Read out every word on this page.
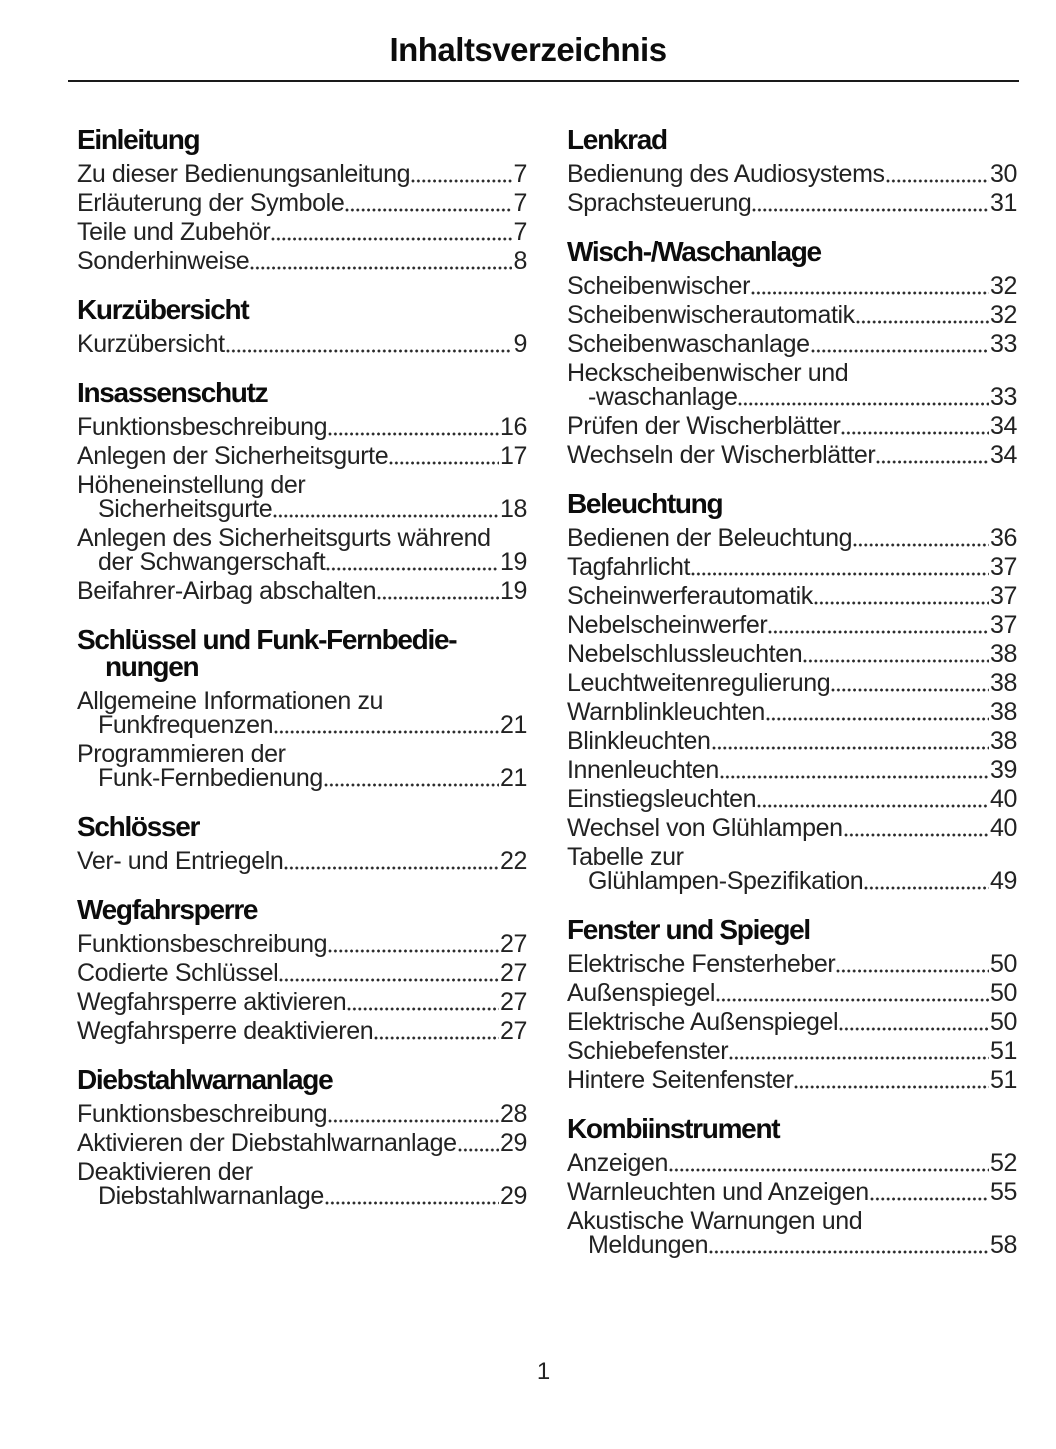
Inhaltsverzeichnis
Einleitung
Zu dieser Bedienungsanleitung	7
Erläuterung der Symbole	7
Teile und Zubehör	7
Sonderhinweise	8
Kurzübersicht
Kurzübersicht	9
Insassenschutz
Funktionsbeschreibung	16
Anlegen der Sicherheitsgurte	17
Höheneinstellung der
Sicherheitsgurte	18
Anlegen des Sicherheitsgurts während
der Schwangerschaft	19
Beifahrer-Airbag abschalten	19
Schlüssel und Funk-Fernbedie-
nungen
Allgemeine Informationen zu
Funkfrequenzen	21
Programmieren der
Funk-Fernbedienung	21
Schlösser
Ver- und Entriegeln	22
Wegfahrsperre
Funktionsbeschreibung	27
Codierte Schlüssel	27
Wegfahrsperre aktivieren	27
Wegfahrsperre deaktivieren	27
Diebstahlwarnanlage
Funktionsbeschreibung	28
Aktivieren der Diebstahlwarnanlage 29
Deaktivieren der
Diebstahlwarnanlage	29
Lenkrad
Bedienung des Audiosystems	30
Sprachsteuerung	31
Wisch-/Waschanlage
Scheibenwischer	32
Scheibenwischerautomatik	32
Scheibenwaschanlage	33
Heckscheibenwischer und
-waschanlage	33
Prüfen der Wischerblätter	34
Wechseln der Wischerblätter	34
Beleuchtung
Bedienen der Beleuchtung	36
Tagfahrlicht	37
Scheinwerferautomatik	37
Nebelscheinwerfer	37
Nebelschlussleuchten	38
Leuchtweitenregulierung	38
Warnblinkleuchten	38
Blinkleuchten	38
Innenleuchten	39
Einstiegsleuchten	40
Wechsel von Glühlampen	40
Tabelle zur
Glühlampen-Spezifikation	49
Fenster und Spiegel
Elektrische Fensterheber	50
Außenspiegel	50
Elektrische Außenspiegel	50
Schiebefenster	51
Hintere Seitenfenster	51
Kombiinstrument
Anzeigen	52
Warnleuchten und Anzeigen	55
Akustische Warnungen und
Meldungen	58
1
